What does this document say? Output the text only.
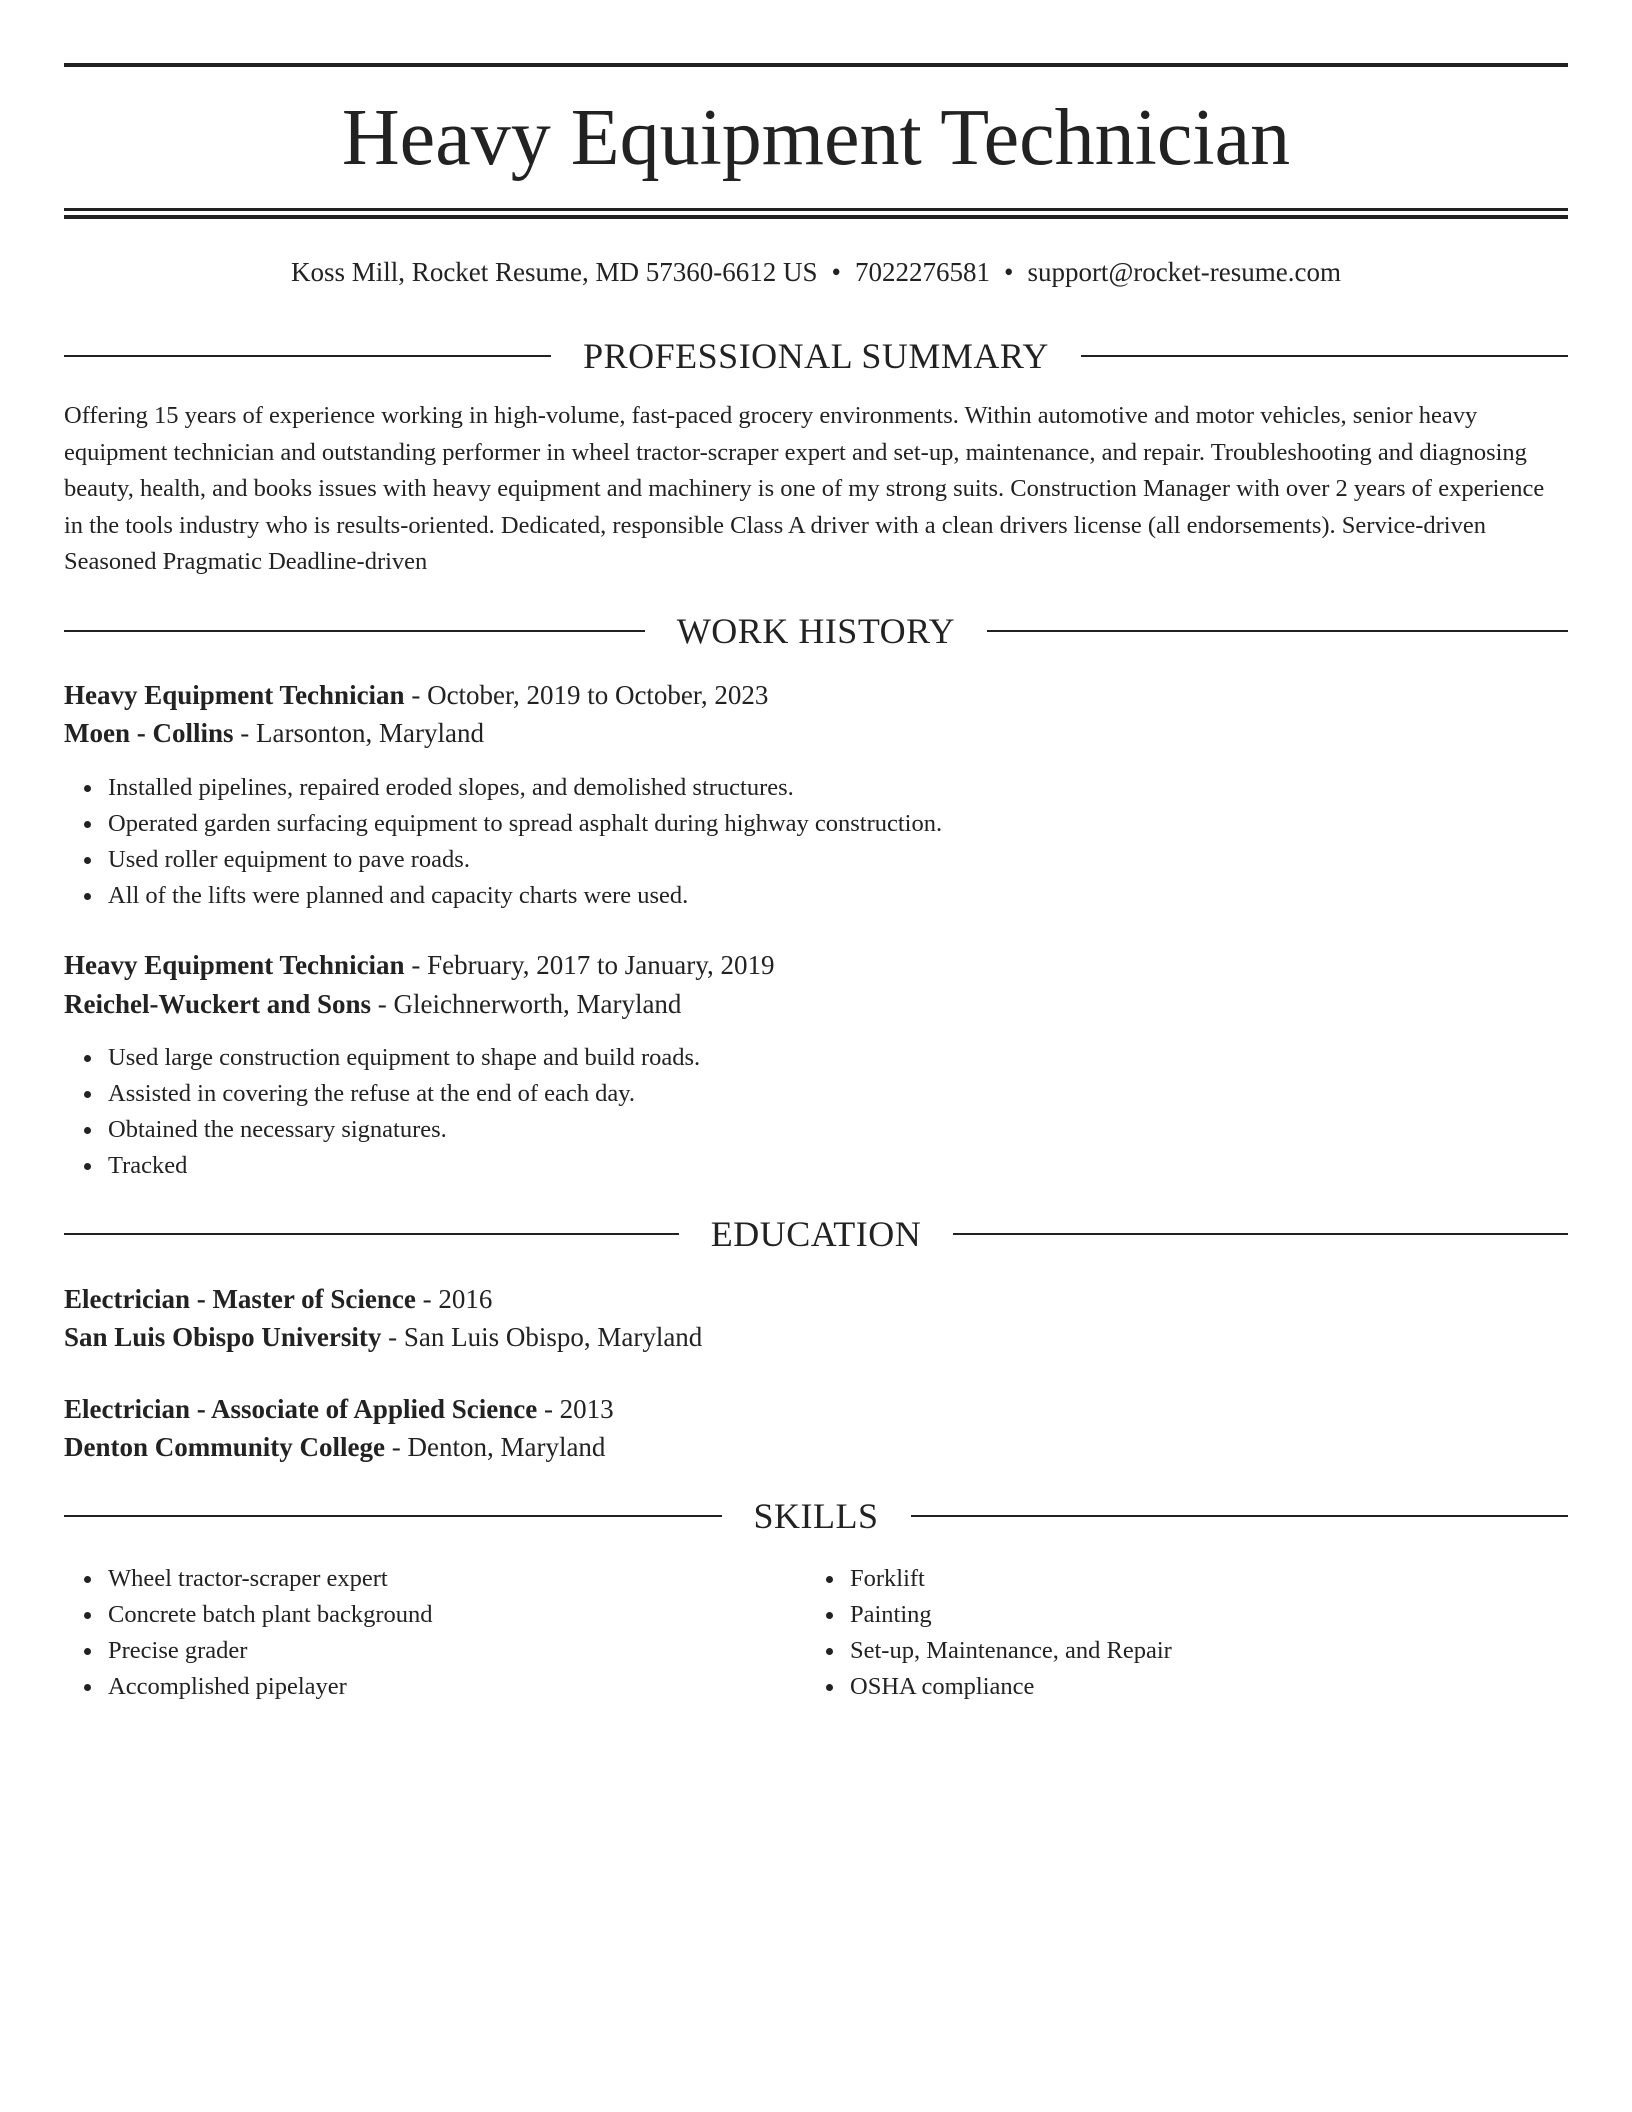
Heavy Equipment Technician
Koss Mill, Rocket Resume, MD 57360-6612 US • 7022276581 • support@rocket-resume.com
PROFESSIONAL SUMMARY

Offering 15 years of experience working in high-volume, fast-paced grocery environments. Within automotive and motor vehicles, senior heavy equipment technician and outstanding performer in wheel tractor-scraper expert and set-up, maintenance, and repair. Troubleshooting and diagnosing beauty, health, and books issues with heavy equipment and machinery is one of my strong suits. Construction Manager with over 2 years of experience in the tools industry who is results-oriented. Dedicated, responsible Class A driver with a clean drivers license (all endorsements). Service-driven Seasoned Pragmatic Deadline-driven

WORK HISTORY
Heavy Equipment Technician - October, 2019 to October, 2023
Moen - Collins - Larsonton, Maryland
Installed pipelines, repaired eroded slopes, and demolished structures.
Operated garden surfacing equipment to spread asphalt during highway construction.
Used roller equipment to pave roads.
All of the lifts were planned and capacity charts were used.
Heavy Equipment Technician - February, 2017 to January, 2019
Reichel-Wuckert and Sons - Gleichnerworth, Maryland
Used large construction equipment to shape and build roads.
Assisted in covering the refuse at the end of each day.
Obtained the necessary signatures.
Tracked
EDUCATION
Electrician - Master of Science - 2016
San Luis Obispo University - San Luis Obispo, Maryland
Electrician - Associate of Applied Science - 2013
Denton Community College - Denton, Maryland
SKILLS
Wheel tractor-scraper expert
Concrete batch plant background
Precise grader
Accomplished pipelayer
Forklift
Painting
Set-up, Maintenance, and Repair
OSHA compliance
